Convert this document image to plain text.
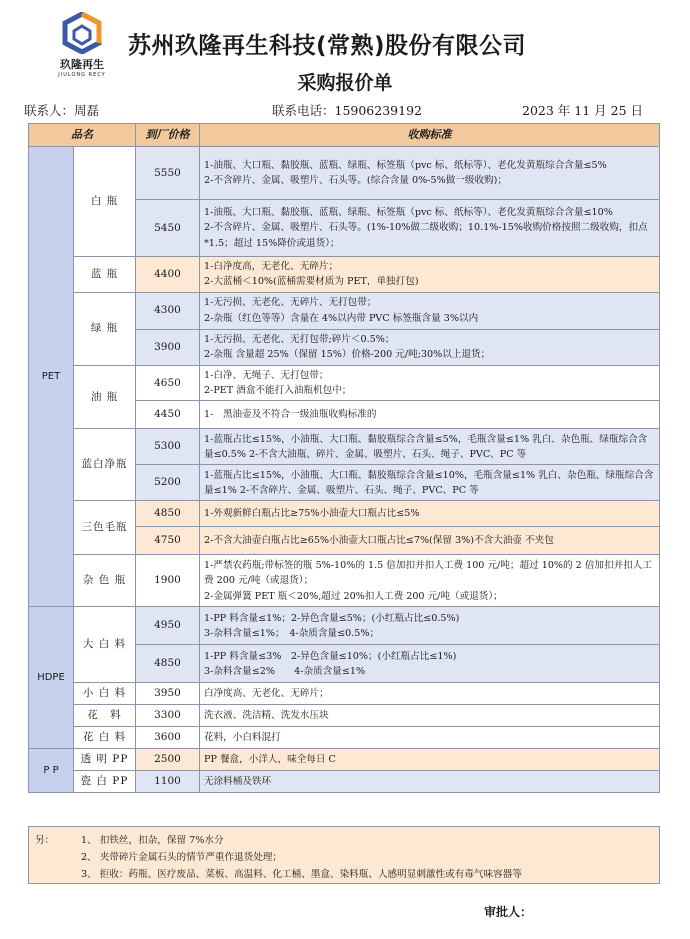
玖隆再生
JIULONG RECY
苏州玖隆再生科技(常熟)股份有限公司
采购报价单
联系人：周磊	联系电话：15906239192	2023 年 11 月 25 日
品名		到厂价格	收购标准
PET	白 瓶	5550	1-油瓶、大口瓶、黏胶瓶、蓝瓶、绿瓶、标签瓶（pvc 标、纸标等）、老化发黄瓶综合含量≤5%
2-不含碎片、金属、吸塑片、石头等。(综合含量 0%-5%做一级收购)；

		5450	1-油瓶、大口瓶、黏胶瓶、蓝瓶、绿瓶、标签瓶（pvc 标、纸标等）、老化发黄瓶综合含量≤10%
2-不含碎片、金属、吸塑片、石头等。(1%-10%做二级收购；10.1%-15%收购价格按照二级收购，扣点*1.5；超过 15%降价或退货）；

	蓝 瓶	4400	1-白净度高，无老化、无碎片；
2-大蓝桶＜10%(蓝桶需要材质为 PET，单独打包)

	绿 瓶	4300	1-无污损、无老化、无碎片、无打包带；
2-杂瓶（红色等等）含量在 4%以内带 PVC 标签瓶含量 3%以内

		3900	1-无污损、无老化、无打包带;碎片＜0.5%；
2-杂瓶 含量超 25%（保留 15%）价格-200 元/吨;30%以上退货；

	油 瓶	4650	1-白净、无绳子、无打包带；
2-PET 酒盒不能打入油瓶机包中；

		4450	1-　黑油壶及不符合一级油瓶收购标准的

	蓝白净瓶	5300	1-蓝瓶占比≤15%，小油瓶、大口瓶、黏胶瓶综合含量≤5%，毛瓶含量≤1% 乳白、杂色瓶、绿瓶综合含量≤0.5% 2-不含大油瓶、碎片、金属、吸塑片、石头、绳子、PVC、PC 等

		5200	1-蓝瓶占比≤15%，小油瓶、大口瓶、黏胶瓶综合含量≤10%，毛瓶含量≤1% 乳白、杂色瓶、绿瓶综合含量≤1% 2-不含碎片、金属、吸塑片、石头、绳子、PVC、PC 等

	三色毛瓶	4850	1-外观新鲜白瓶占比≥75%小油壶大口瓶占比≤5%

		4750	2-不含大油壶白瓶占比≥65%小油壶大口瓶占比≤7%(保留 3%)不含大油壶 不夹包

	杂 色 瓶	1900	1-严禁农药瓶;带标签的瓶 5%-10%的 1.5 倍加扣并扣人工费 100 元/吨；超过 10%的 2 倍加扣并扣人工费 200 元/吨（或退货）；
2-金属弹簧 PET 瓶＜20%,超过 20%扣人工费 200 元/吨（或退货）；

HDPE	大 白 料	4950	1-PP 料含量≤1%；2-异色含量≤5%；(小红瓶占比≤0.5%)
3-杂料含量≤1%；　4-杂质含量≤0.5%；

		4850	1-PP 料含量≤3%　2-异色含量≤10%；(小红瓶占比≤1%)
3-杂料含量≤2%　　4-杂质含量≤1%

	小 白 料	3950	白净度高、无老化、无碎片；

	花　料	3300	洗衣液、洗洁精、洗发水压块

	花 白 料	3600	花料，小白料混打

P P	透 明 PP	2500	PP 餐盒，小洋人，味全每日 C

	瓷 白 PP	1100	无涂料桶及铁环
另：	1、 扣铁丝，扣杂，保留 7%水分
2、 夹带碎片金属石头的情节严重作退货处理；
3、 拒收：药瓶、医疗废品、菜板、高温料、化工桶、墨盒、染料瓶、人感明显刺激性或有毒气味容器等
审批人：
